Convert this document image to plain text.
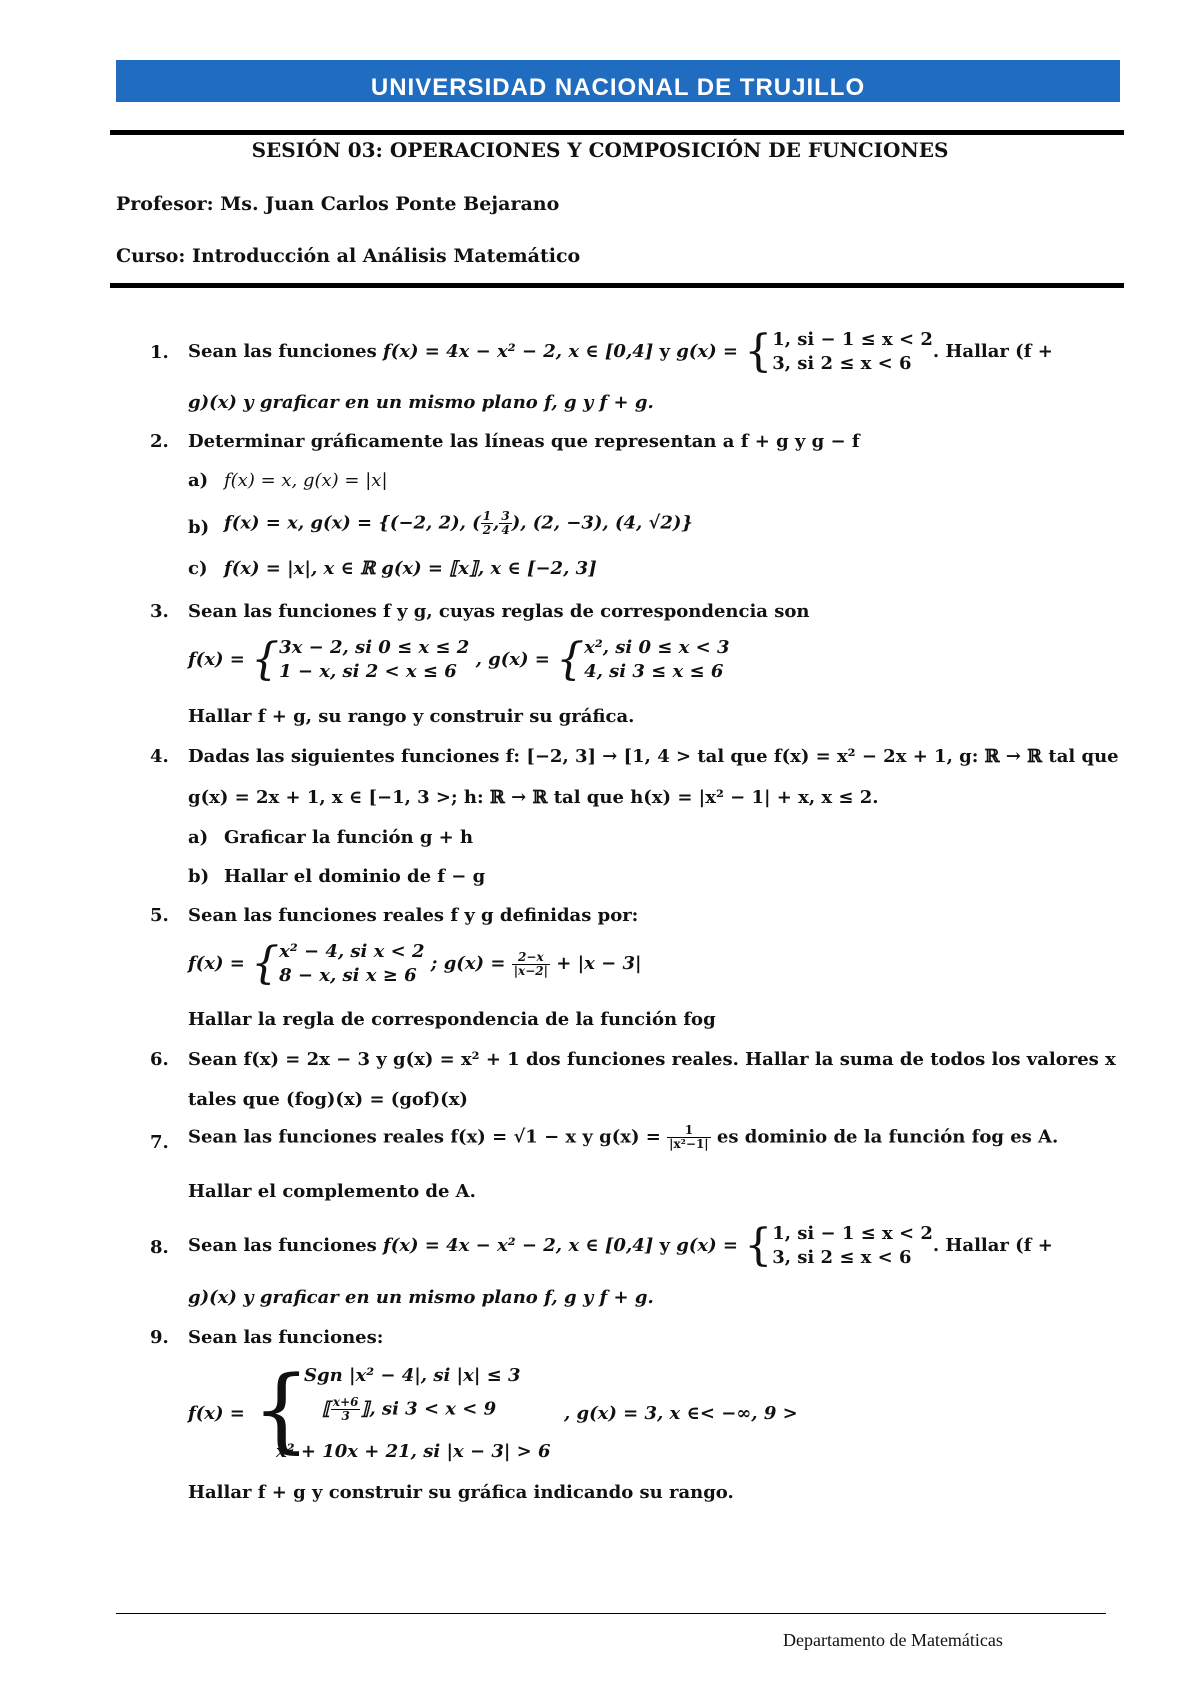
UNIVERSIDAD NACIONAL DE TRUJILLO
SESIÓN 03: OPERACIONES Y COMPOSICIÓN DE FUNCIONES
Profesor: Ms. Juan Carlos Ponte Bejarano
Curso: Introducción al Análisis Matemático
1. Sean las funciones f(x) = 4x − x² − 2, x ∈ [0,4] y g(x) = { 1, si − 1 ≤ x < 2
3, si 2 ≤ x < 6
. Hallar (f +
g)(x) y graficar en un mismo plano f, g y f + g.
2. Determinar gráficamente las líneas que representan a f + g y g − f
a) f(x) = x, g(x) = |x|
b) f(x) = x, g(x) = {(−2, 2), ( $\frac{1}{2}$ , $\frac{3}{4}$ ), (2, −3), (4, √2)}
c) f(x) = |x|, x ∈ ℝ g(x) = ⟦x⟧, x ∈ [−2, 3]
3. Sean las funciones f y g, cuyas reglas de correspondencia son
f(x) = { 3x − 2, si 0 ≤ x ≤ 2
1 − x, si 2 < x ≤ 6
, g(x) = { x², si 0 ≤ x < 3
4, si 3 ≤ x ≤ 6
Hallar f + g, su rango y construir su gráfica.
4. Dadas las siguientes funciones f: [−2, 3] → [1, 4 > tal que f(x) = x² − 2x + 1, g: ℝ → ℝ tal que
g(x) = 2x + 1, x ∈ [−1, 3 >; h: ℝ → ℝ tal que h(x) = |x² − 1| + x, x ≤ 2.
a) Graficar la función g + h
b) Hallar el dominio de f − g
5. Sean las funciones reales f y g definidas por:
f(x) = { x² − 4, si x < 2
8 − x, si x ≥ 6
; $g(x) = \frac{2-x}{|x-2|} + |x - 3|$
Hallar la regla de correspondencia de la función fog
6. Sean f(x) = 2x − 3 y g(x) = x² + 1 dos funciones reales. Hallar la suma de todos los valores x
tales que (fog)(x) = (gof)(x)
7. Sean las funciones reales f(x) = √1 − x y $g(x) = \frac{1}{\text{|x²−1|}}$ es dominio de la función fog es A.
Hallar el complemento de A.
8. Sean las funciones f(x) = 4x − x² − 2, x ∈ [0,4] y g(x) = { 1, si − 1 ≤ x < 2
3, si 2 ≤ x < 6
. Hallar (f +
g)(x) y graficar en un mismo plano f, g y f + g.
9. Sean las funciones:
f(x) = {
Sgn |x² − 4|, si |x| ≤ 3
⟦ $\frac{x+6}{3}$ ⟧, si 3 < x < 9	, g(x) = 3, x ∈< −∞, 9 >
x² + 10x + 21, si |x − 3| > 6
Hallar f + g y construir su gráfica indicando su rango.
Departamento de Matemáticas
